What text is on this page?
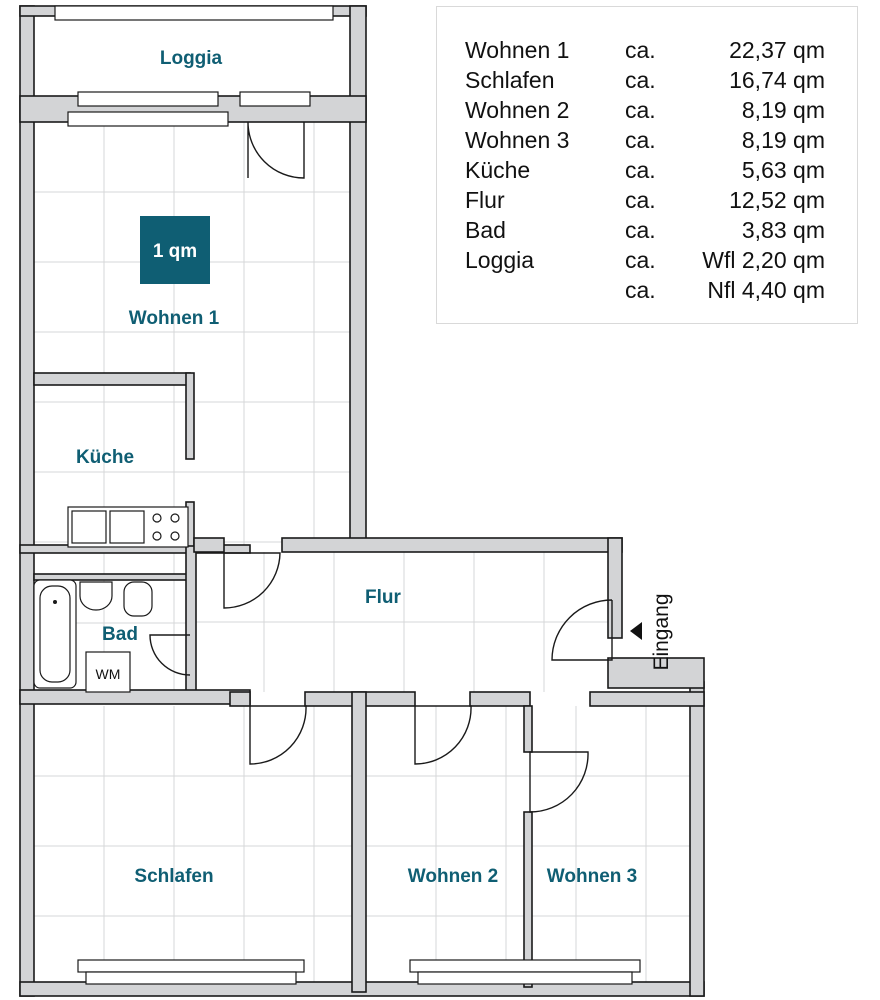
WM
1 qm
Eingang
Loggia
Wohnen 1
Küche
Bad
Flur
Schlafen	Wohnen 2	Wohnen 3
Wohnen 1	ca.	22,37 qm
Schlafen	ca.	16,74 qm
Wohnen 2	ca.	8,19 qm
Wohnen 3	ca.	8,19 qm
Küche	ca.	5,63 qm
Flur	ca.	12,52 qm
Bad	ca.	3,83 qm
Loggia	ca.	Wfl 2,20 qm
	ca.	Nfl 4,40 qm
